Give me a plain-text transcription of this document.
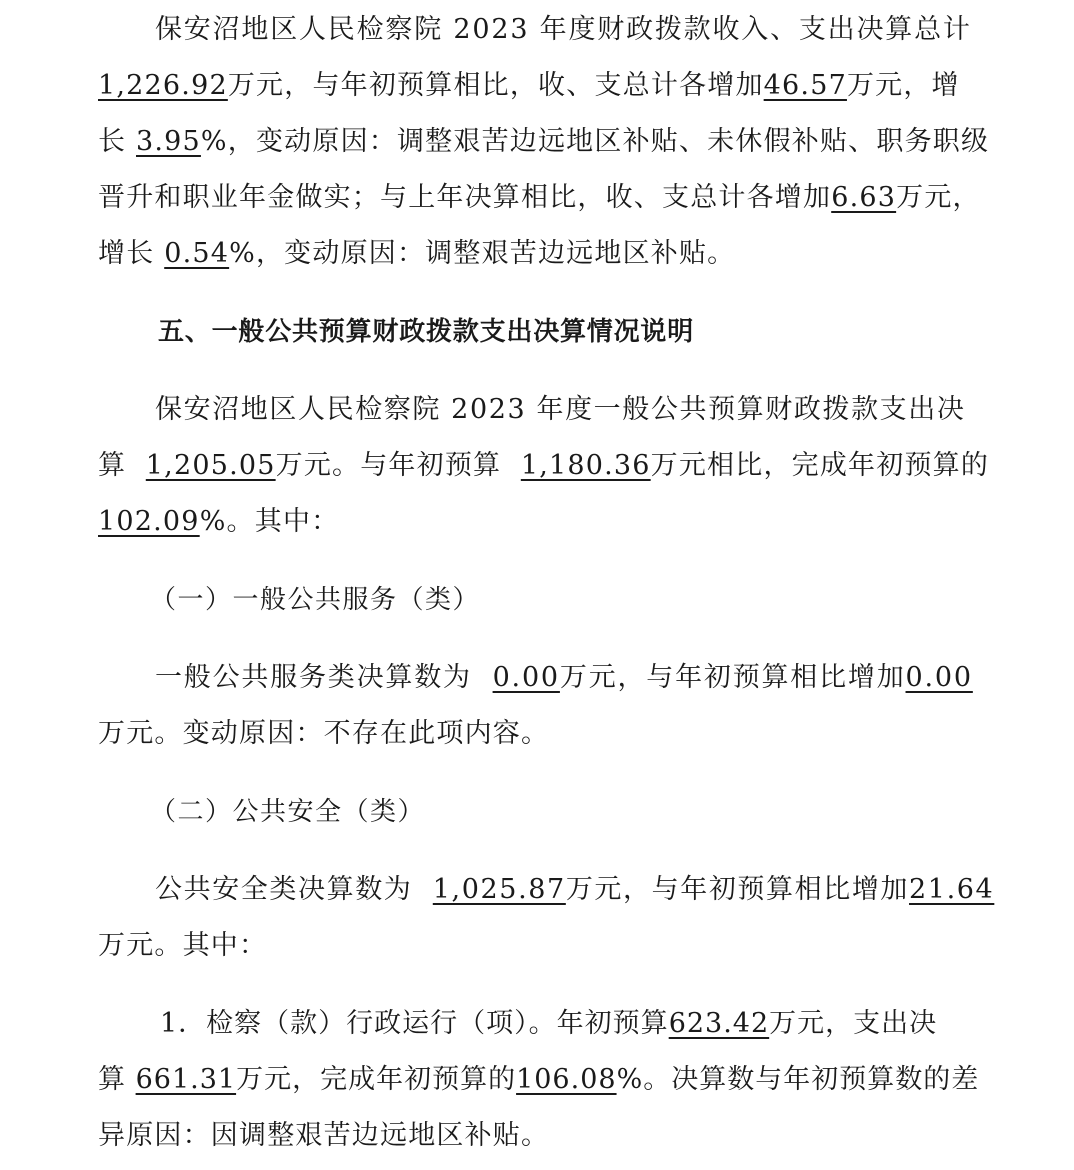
保安沼地区人民检察院 2023 年度财政拨款收入、支出决算总计
1,226.92万元，与年初预算相比，收、支总计各增加46.57万元，增
长 3.95%，变动原因：调整艰苦边远地区补贴、未休假补贴、职务职级
晋升和职业年金做实；与上年决算相比，收、支总计各增加6.63万元，
增长 0.54%，变动原因：调整艰苦边远地区补贴。
五、一般公共预算财政拨款支出决算情况说明
保安沼地区人民检察院 2023 年度一般公共预算财政拨款支出决
算 1,205.05万元。与年初预算 1,180.36万元相比，完成年初预算的
102.09%。其中：
（一）一般公共服务（类）
一般公共服务类决算数为 0.00万元，与年初预算相比增加0.00
万元。变动原因：不存在此项内容。
（二）公共安全（类）
公共安全类决算数为 1,025.87万元，与年初预算相比增加21.64
万元。其中：
1．检察（款）行政运行（项）。年初预算623.42万元，支出决
算 661.31万元，完成年初预算的106.08%。决算数与年初预算数的差
异原因：因调整艰苦边远地区补贴。
